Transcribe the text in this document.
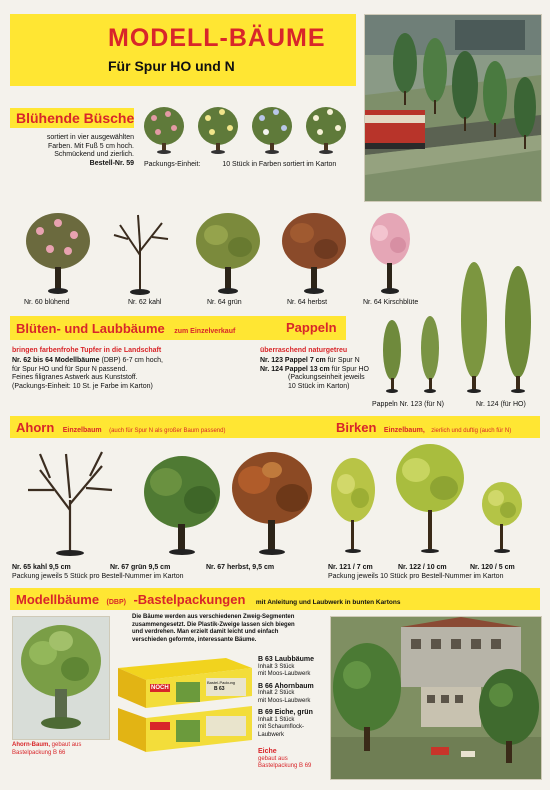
MODELL-BÄUME
Für Spur HO und N
Blühende Büsche
sortiert in vier ausgewählten
Farben. Mit Fuß 5 cm hoch.
Schmückend und zierlich.
Bestell-Nr. 59 Packungs-Einheit:	10 Stück in Farben sortiert im Karton
Nr. 60 blühend	Nr. 62 kahl	Nr. 64 grün	Nr. 64 herbst	Nr. 64 Kirschblüte
Blüten- und Laubbäume zum Einzelverkauf	Pappeln
bringen farbenfrohe Tupfer in die Landschaft
Nr. 62 bis 64 Modellbäume (DBP) 6-7 cm hoch,
für Spur HO und für Spur N passend.
Feines filigranes Astwerk aus Kunststoff.
(Packungs-Einheit: 10 St. je Farbe im Karton)
überraschend naturgetreu
Nr. 123 Pappel 7 cm für Spur N
Nr. 124 Pappel 13 cm für Spur HO
(Packungseinheit jeweils
10 Stück im Karton)
Pappeln Nr. 123 (für N)	Nr. 124 (für HO)
Ahorn Einzelbaum (auch für Spur N als großer Baum passend)	Birken Einzelbaum, zierlich und duftig (auch für N)
Nr. 65 kahl 9,5 cm	Nr. 67 grün 9,5 cm	Nr. 67 herbst, 9,5 cm
Packung jeweils 5 Stück pro Bestell-Nummer im Karton
Nr. 121 / 7 cm	Nr. 122 / 10 cm	Nr. 120 / 5 cm
Packung jeweils 10 Stück pro Bestell-Nummer im Karton
Modellbäume (DBP) -Bastelpackungen mit Anleitung und Laubwerk in bunten Kartons
Ahorn-Baum, gebaut aus
Bastelpackung B 66
Die Bäume werden aus verschiedenen Zweig-Segmenten
zusammengesetzt. Die Plastik-Zweige lassen sich biegen
und verdrehen. Man erzielt damit leicht und einfach
verschieden geformte, interessante Bäume.
NOCH
Bastel-Packung
B 63
B 63 Laubbäume
Inhalt 3 Stück
mit Moos-Laubwerk
B 66 Ahornbaum
Inhalt 2 Stück
mit Moos-Laubwerk
B 69 Eiche, grün
Inhalt 1 Stück
mit Schaumflock-
Laubwerk
Eiche
gebaut aus
Bastelpackung B 69
